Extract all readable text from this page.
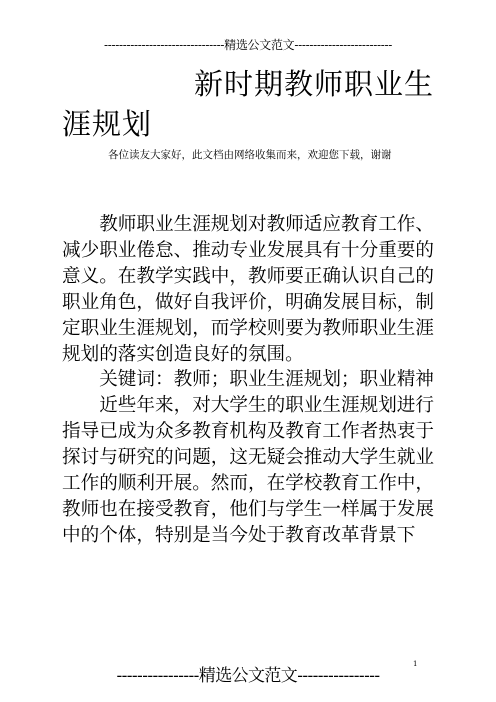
--------------------------------精选公文范文--------------------------
新时期教师职业生
涯规划
各位读友大家好，此文档由网络收集而来，欢迎您下载，谢谢

教师职业生涯规划对教师适应教育工作、减少职业倦怠、推动专业发展具有十分重要的意义。在教学实践中，教师要正确认识自己的职业角色，做好自我评价，明确发展目标，制定职业生涯规划，而学校则要为教师职业生涯规划的落实创造良好的氛围。

关键词：教师；职业生涯规划；职业精神

近些年来，对大学生的职业生涯规划进行指导已成为众多教育机构及教育工作者热衷于探讨与研究的问题，这无疑会推动大学生就业工作的顺利开展。然而，在学校教育工作中，教师也在接受教育，他们与学生一样属于发展中的个体，特别是当今处于教育改革背景下

1
----------------精选公文范文----------------
